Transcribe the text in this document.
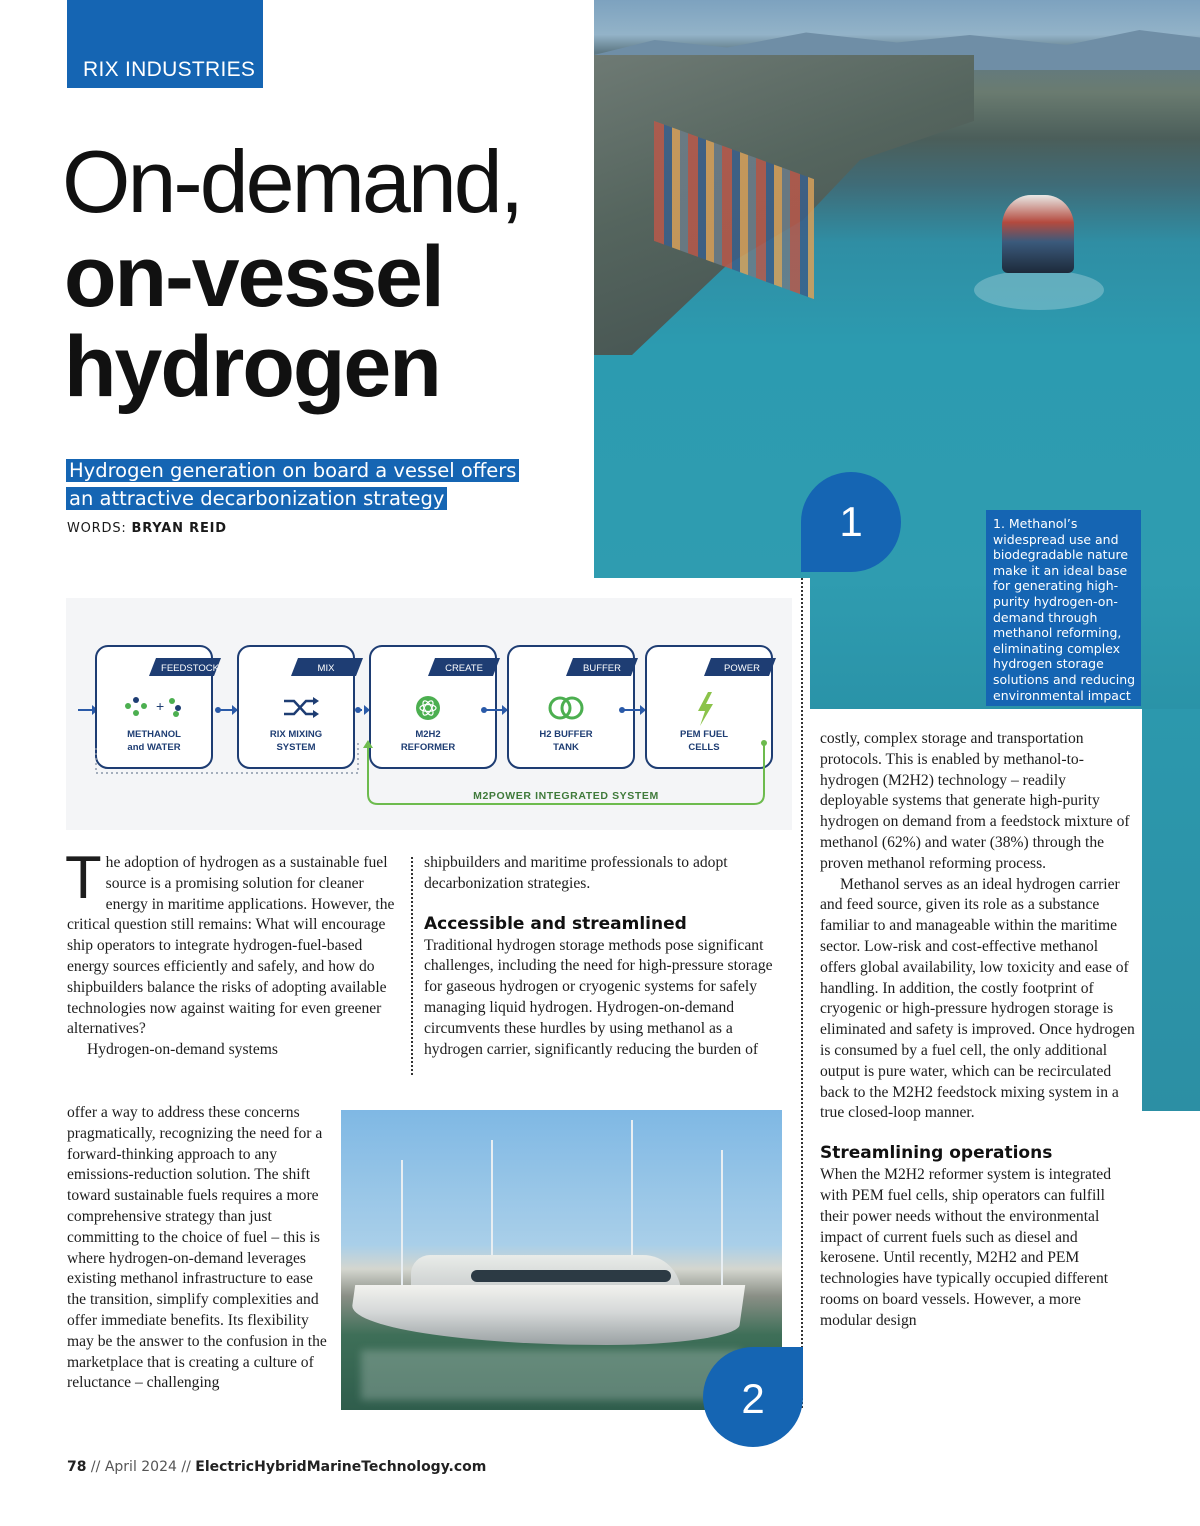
RIX INDUSTRIES
On-demand,
on-vessel
hydrogen
Hydrogen generation on board a vessel offers
an attractive decarbonization strategy
WORDS: BRYAN REID	1	1. Methanol’s widespread use and biodegradable nature make it an ideal base for generating high-purity hydrogen-on-demand through methanol reforming, eliminating complex hydrogen storage solutions and reducing environmental impact
FEEDSTOCK
+
METHANOL
and WATER
MIX
RIX MIXING
SYSTEM
CREATE
M2H2
REFORMER
BUFFER
H2 BUFFER
TANK
POWER
PEM FUEL
CELLS
M2POWER INTEGRATED SYSTEM

The adoption of hydrogen as a sustainable fuel source is a promising solution for cleaner energy in maritime applications. However, the critical question still remains: What will encourage ship operators to integrate hydrogen-fuel-based energy sources efficiently and safely, and how do shipbuilders balance the risks of adopting available technologies now against waiting for even greener alternatives?

Hydrogen-on-demand systems

offer a way to address these concerns pragmatically, recognizing the need for a forward-thinking approach to any emissions-reduction solution. The shift toward sustainable fuels requires a more comprehensive strategy than just committing to the choice of fuel – this is where hydrogen-on-demand leverages existing methanol infrastructure to ease the transition, simplify complexities and offer immediate benefits. Its flexibility may be the answer to the confusion in the marketplace that is creating a culture of reluctance – challenging

shipbuilders and maritime professionals to adopt decarbonization strategies.

Accessible and streamlined

Traditional hydrogen storage methods pose significant challenges, including the need for high-pressure storage for gaseous hydrogen or cryogenic systems for safely managing liquid hydrogen. Hydrogen-on-demand circumvents these hurdles by using methanol as a hydrogen carrier, significantly reducing the burden of

costly, complex storage and transportation protocols. This is enabled by methanol-to-hydrogen (M2H2) technology – readily deployable systems that generate high-purity hydrogen on demand from a feedstock mixture of methanol (62%) and water (38%) through the proven methanol reforming process.

Methanol serves as an ideal hydrogen carrier and feed source, given its role as a substance familiar to and manageable within the maritime sector. Low-risk and cost-effective methanol offers global availability, low toxicity and ease of handling. In addition, the costly footprint of cryogenic or high-pressure hydrogen storage is eliminated and safety is improved. Once hydrogen is consumed by a fuel cell, the only additional output is pure water, which can be recirculated back to the M2H2 feedstock mixing system in a true closed-loop manner.

Streamlining operations

When the M2H2 reformer system is integrated with PEM fuel cells, ship operators can fulfill their power needs without the environmental impact of current fuels such as diesel and kerosene. Until recently, M2H2 and PEM technologies have typically occupied different rooms on board vessels. However, a more modular design

2
78 // April 2024 // ElectricHybridMarineTechnology.com
